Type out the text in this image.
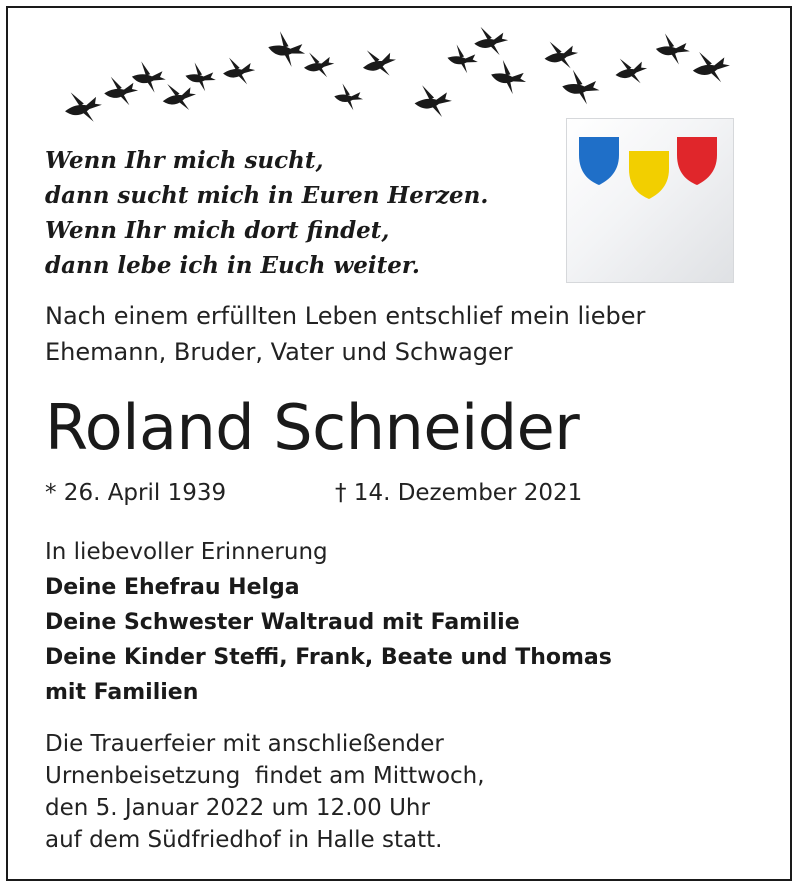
Wenn Ihr mich sucht,
dann sucht mich in Euren Herzen.
Wenn Ihr mich dort findet,
dann lebe ich in Euch weiter.
Nach einem erfüllten Leben entschlief mein lieber
Ehemann, Bruder, Vater und Schwager
Roland Schneider
* 26. April 1939	† 14. Dezember 2021
In liebevoller Erinnerung
Deine Ehefrau Helga
Deine Schwester Waltraud mit Familie
Deine Kinder Steffi, Frank, Beate und Thomas
mit Familien
Die Trauerfeier mit anschließender
Urnenbeisetzung  findet am Mittwoch,
den 5. Januar 2022 um 12.00 Uhr
auf dem Südfriedhof in Halle statt.
